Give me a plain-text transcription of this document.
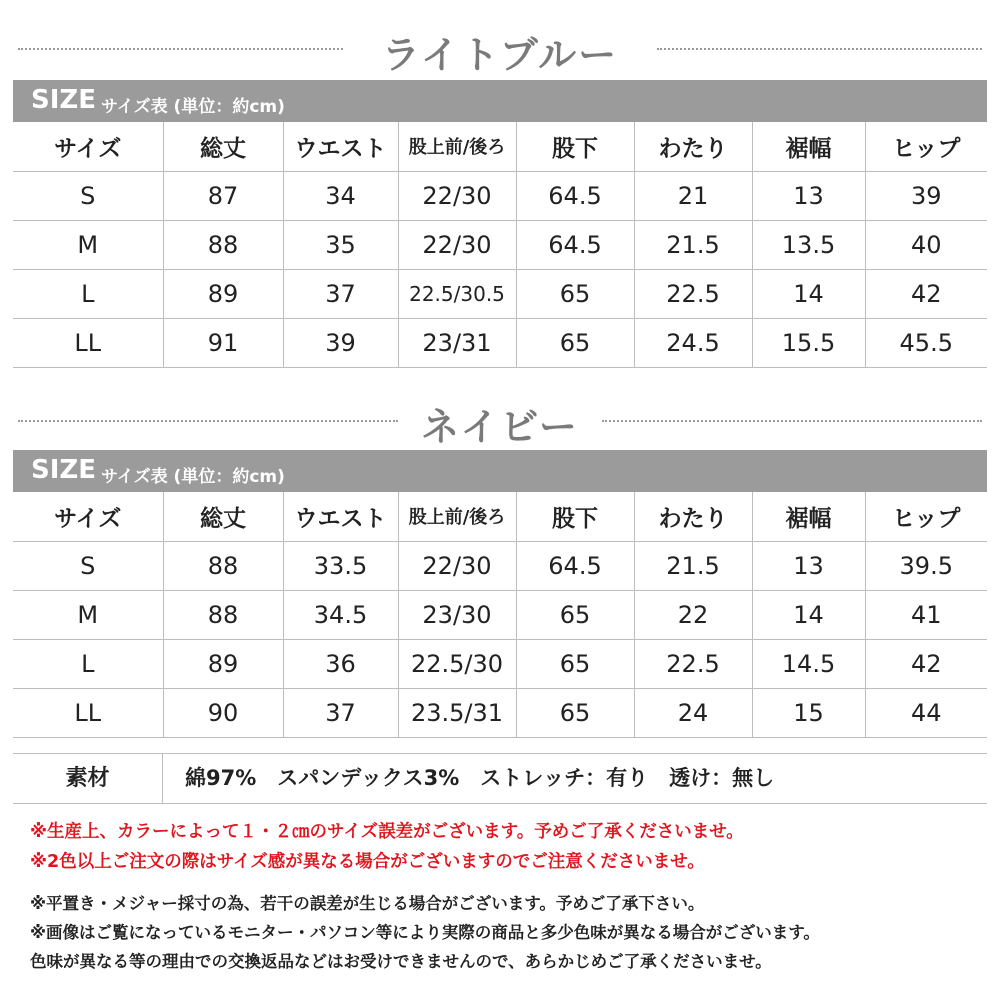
ライトブルー
SIZE サイズ表 (単位：約cm)
サイズ	総丈	ウエスト	股上前/後ろ	股下	わたり	裾幅	ヒップ
S	87	34	22/30	64.5	21	13	39
M	88	35	22/30	64.5	21.5	13.5	40
L	89	37	22.5/30.5	65	22.5	14	42
LL	91	39	23/31	65	24.5	15.5	45.5
ネイビー
SIZE サイズ表 (単位：約cm)
サイズ	総丈	ウエスト	股上前/後ろ	股下	わたり	裾幅	ヒップ
S	88	33.5	22/30	64.5	21.5	13	39.5
M	88	34.5	23/30	65	22	14	41
L	89	36	22.5/30	65	22.5	14.5	42
LL	90	37	23.5/31	65	24	15	44
素材	綿97%　スパンデックス3%　ストレッチ：有り　透け：無し
※生産上、カラーによって１・２㎝のサイズ誤差がございます。予めご了承くださいませ。
※2色以上ご注文の際はサイズ感が異なる場合がございますのでご注意くださいませ。
※平置き・メジャー採寸の為、若干の誤差が生じる場合がございます。予めご了承下さい。
※画像はご覧になっているモニター・パソコン等により実際の商品と多少色味が異なる場合がございます。
色味が異なる等の理由での交換返品などはお受けできませんので、あらかじめご了承くださいませ。
